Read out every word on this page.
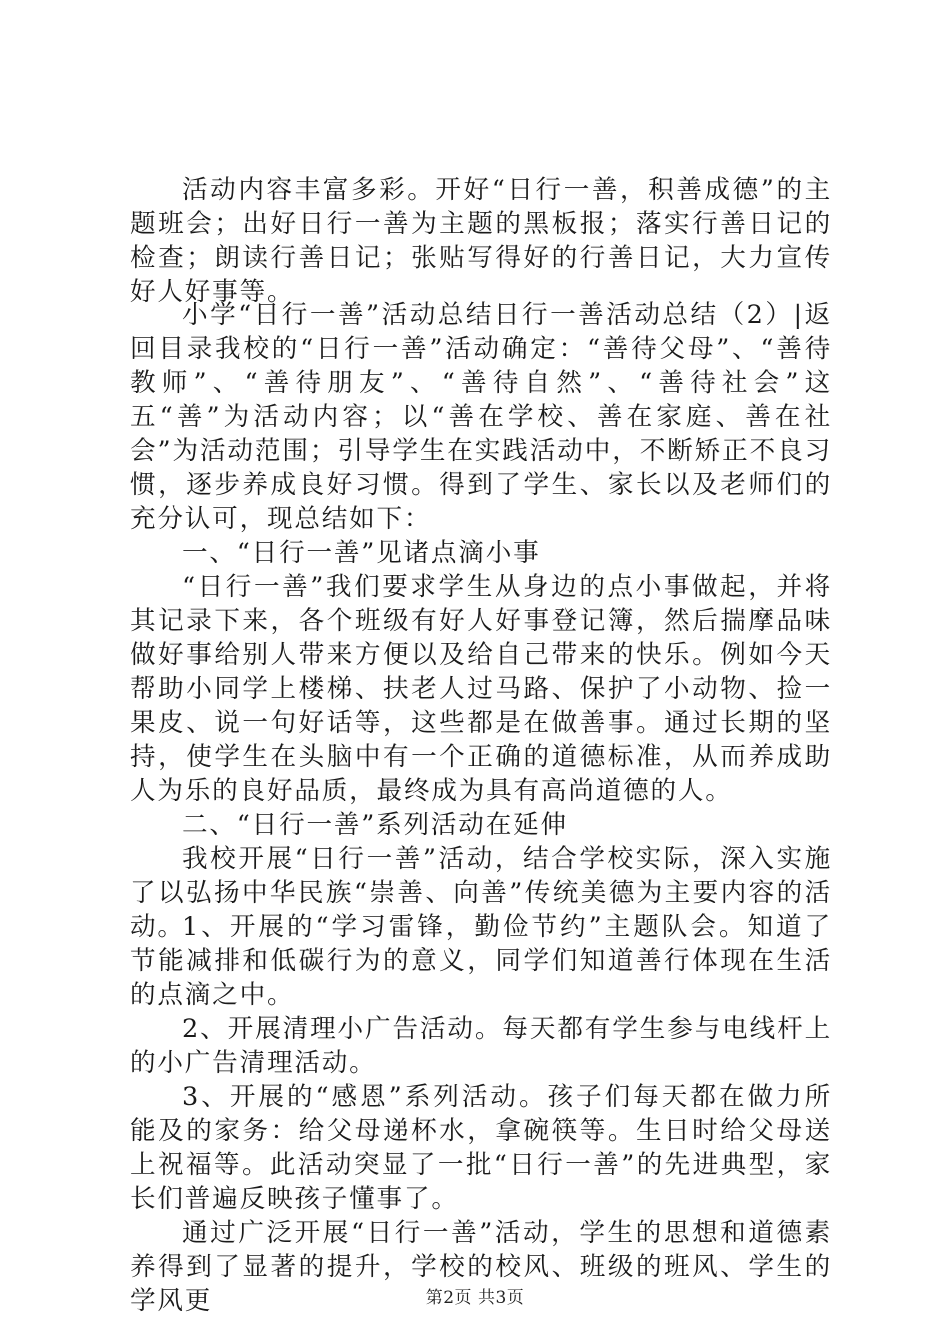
活动内容丰富多彩。开好“日行一善，积善成德”的主题班会；出好日行一善为主题的黑板报；落实行善日记的检查；朗读行善日记；张贴写得好的行善日记，大力宣传好人好事等。

小学“日行一善”活动总结日行一善活动总结（2）|返回目录我校的“日行一善”活动确定：“善待父母”、“善待教师”、“善待朋友”、“善待自然”、“善待社会”这五“善”为活动内容；以“善在学校、善在家庭、善在社会”为活动范围；引导学生在实践活动中，不断矫正不良习惯，逐步养成良好习惯。得到了学生、家长以及老师们的充分认可，现总结如下：

一、“日行一善”见诸点滴小事

“日行一善”我们要求学生从身边的点小事做起，并将其记录下来，各个班级有好人好事登记簿，然后揣摩品味做好事给别人带来方便以及给自己带来的快乐。例如今天帮助小同学上楼梯、扶老人过马路、保护了小动物、捡一果皮、说一句好话等，这些都是在做善事。通过长期的坚持，使学生在头脑中有一个正确的道德标准，从而养成助人为乐的良好品质，最终成为具有高尚道德的人。

二、“日行一善”系列活动在延伸

我校开展“日行一善”活动，结合学校实际，深入实施了以弘扬中华民族“崇善、向善”传统美德为主要内容的活动。

1、开展的“学习雷锋，勤俭节约”主题队会。知道了节能减排和低碳行为的意义，同学们知道善行体现在生活的点滴之中。

2、开展清理小广告活动。每天都有学生参与电线杆上的小广告清理活动。

3、开展的“感恩”系列活动。孩子们每天都在做力所能及的家务：给父母递杯水，拿碗筷等。生日时给父母送上祝福等。此活动突显了一批“日行一善”的先进典型，家长们普遍反映孩子懂事了。

通过广泛开展“日行一善”活动，学生的思想和道德素养得到了显著的提升，学校的校风、班级的班风、学生的学风更	第2页 共3页
